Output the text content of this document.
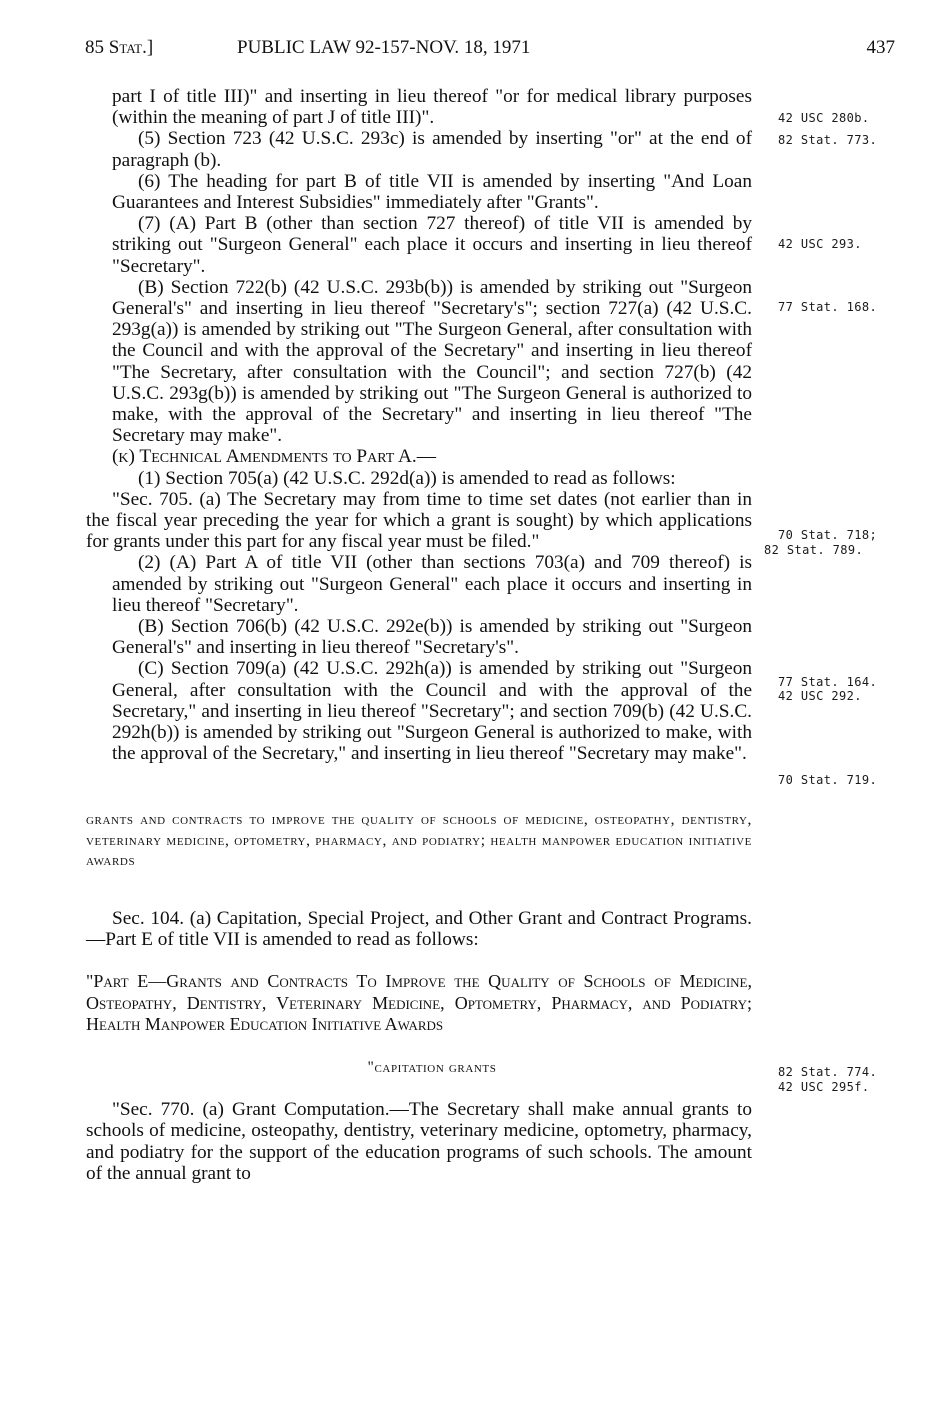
85 Stat.]	PUBLIC LAW 92-157-NOV. 18, 1971	437

part I of title III)" and inserting in lieu thereof "or for medical library purposes (within the meaning of part J of title III)".

(5) Section 723 (42 U.S.C. 293c) is amended by inserting "or" at the end of paragraph (b).

(6) The heading for part B of title VII is amended by inserting "And Loan Guarantees and Interest Subsidies" immediately after "Grants".

(7) (A) Part B (other than section 727 thereof) of title VII is amended by striking out "Surgeon General" each place it occurs and inserting in lieu thereof "Secretary".

(B) Section 722(b) (42 U.S.C. 293b(b)) is amended by striking out "Surgeon General's" and inserting in lieu thereof "Secretary's"; section 727(a) (42 U.S.C. 293g(a)) is amended by striking out "The Surgeon General, after consultation with the Council and with the approval of the Secretary" and inserting in lieu thereof "The Secretary, after consultation with the Council"; and section 727(b) (42 U.S.C. 293g(b)) is amended by striking out "The Surgeon General is authorized to make, with the approval of the Secretary" and inserting in lieu thereof "The Secretary may make".

(k) Technical Amendments to Part A.—

(1) Section 705(a) (42 U.S.C. 292d(a)) is amended to read as follows:

"Sec. 705. (a) The Secretary may from time to time set dates (not earlier than in the fiscal year preceding the year for which a grant is sought) by which applications for grants under this part for any fiscal year must be filed."

(2) (A) Part A of title VII (other than sections 703(a) and 709 thereof) is amended by striking out "Surgeon General" each place it occurs and inserting in lieu thereof "Secretary".

(B) Section 706(b) (42 U.S.C. 292e(b)) is amended by striking out "Surgeon General's" and inserting in lieu thereof "Secretary's".

(C) Section 709(a) (42 U.S.C. 292h(a)) is amended by striking out "Surgeon General, after consultation with the Council and with the approval of the Secretary," and inserting in lieu thereof "Secretary"; and section 709(b) (42 U.S.C. 292h(b)) is amended by striking out "Surgeon General is authorized to make, with the approval of the Secretary," and inserting in lieu thereof "Secretary may make".

grants and contracts to improve the quality of schools of medicine, osteopathy, dentistry, veterinary medicine, optometry, pharmacy, and podiatry; health manpower education initiative awards

Sec. 104. (a) Capitation, Special Project, and Other Grant and Contract Programs.—Part E of title VII is amended to read as follows:

"Part E—Grants and Contracts To Improve the Quality of Schools of Medicine, Osteopathy, Dentistry, Veterinary Medicine, Optometry, Pharmacy, and Podiatry; Health Manpower Education Initiative Awards

"capitation grants

"Sec. 770. (a) Grant Computation.—The Secretary shall make annual grants to schools of medicine, osteopathy, dentistry, veterinary medicine, optometry, pharmacy, and podiatry for the support of the education programs of such schools. The amount of the annual grant to

42 USC 280b.
82 Stat. 773.
42 USC 293.
77 Stat. 168.
70 Stat. 718;
82 Stat. 789.
77 Stat. 164.
42 USC 292.
70 Stat. 719.
82 Stat. 774.
42 USC 295f.
